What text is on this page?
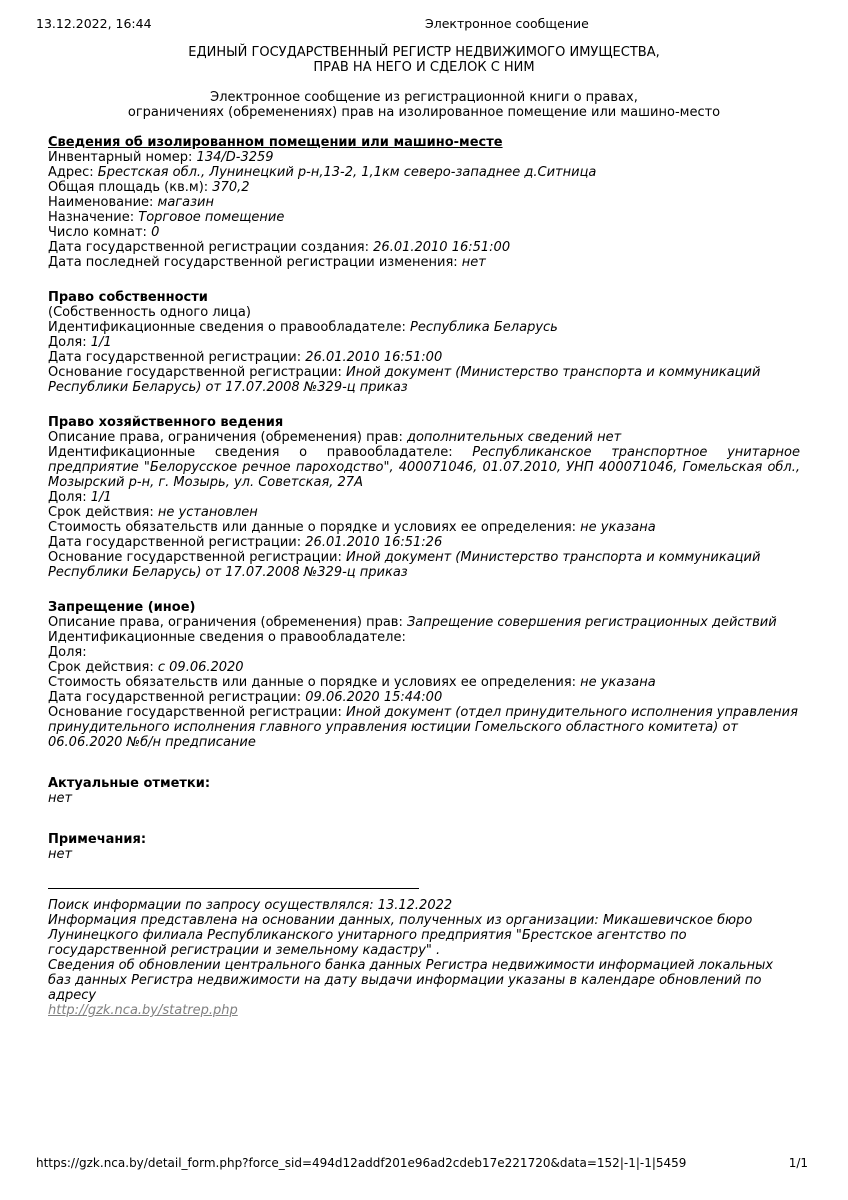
13.12.2022, 16:44	Электронное сообщение
ЕДИНЫЙ ГОСУДАРСТВЕННЫЙ РЕГИСТР НЕДВИЖИМОГО ИМУЩЕСТВА,
ПРАВ НА НЕГО И СДЕЛОК С НИМ
Электронное сообщение из регистрационной книги о правах,
ограничениях (обременениях) прав на изолированное помещение или машино-место
Сведения об изолированном помещении или машино-месте
Инвентарный номер: 134/D-3259
Адрес: Брестская обл., Лунинецкий р-н,13-2, 1,1км северо-западнее д.Ситница
Общая площадь (кв.м): 370,2
Наименование: магазин
Назначение: Торговое помещение
Число комнат: 0
Дата государственной регистрации создания: 26.01.2010 16:51:00
Дата последней государственной регистрации изменения: нет
Право собственности
(Собственность одного лица)
Идентификационные сведения о правообладателе: Республика Беларусь
Доля: 1/1
Дата государственной регистрации: 26.01.2010 16:51:00
Основание государственной регистрации: Иной документ (Министерство транспорта и коммуникаций Республики Беларусь) от 17.07.2008 №329-ц приказ
Право хозяйственного ведения
Описание права, ограничения (обременения) прав: дополнительных сведений нет
Идентификационные сведения о правообладателе: Республиканское транспортное унитарное предприятие "Белорусское речное пароходство", 400071046, 01.07.2010, УНП 400071046, Гомельская обл., Мозырский р-н, г. Мозырь, ул. Советская, 27А
Доля: 1/1
Срок действия: не установлен
Стоимость обязательств или данные о порядке и условиях ее определения: не указана
Дата государственной регистрации: 26.01.2010 16:51:26
Основание государственной регистрации: Иной документ (Министерство транспорта и коммуникаций Республики Беларусь) от 17.07.2008 №329-ц приказ
Запрещение (иное)
Описание права, ограничения (обременения) прав: Запрещение совершения регистрационных действий
Идентификационные сведения о правообладателе:
Доля:
Срок действия: с 09.06.2020
Стоимость обязательств или данные о порядке и условиях ее определения: не указана
Дата государственной регистрации: 09.06.2020 15:44:00
Основание государственной регистрации: Иной документ (отдел принудительного исполнения управления принудительного исполнения главного управления юстиции Гомельского областного комитета) от 06.06.2020 №б/н предписание
Актуальные отметки:
нет
Примечания:
нет
Поиск информации по запросу осуществлялся: 13.12.2022
Информация представлена на основании данных, полученных из организации: Микашевичское бюро Лунинецкого филиала Республиканского унитарного предприятия "Брестское агентство по государственной регистрации и земельному кадастру" .
Сведения об обновлении центрального банка данных Регистра недвижимости информацией локальных баз данных Регистра недвижимости на дату выдачи информации указаны в календаре обновлений по адресу
http://gzk.nca.by/statrep.php
https://gzk.nca.by/detail_form.php?force_sid=494d12addf201e96ad2cdeb17e221720&data=152|-1|-1|5459	1/1
